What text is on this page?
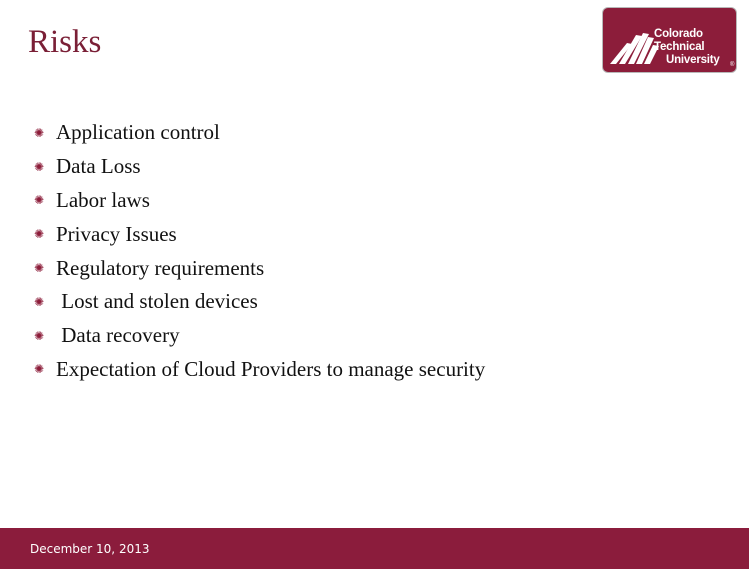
Risks	Colorado
Technical
University ®
✺ Application control
✺ Data Loss
✺ Labor laws
✺ Privacy Issues
✺ Regulatory requirements
✺ Lost and stolen devices
✺ Data recovery
✺ Expectation of Cloud Providers to manage security
December 10, 2013
